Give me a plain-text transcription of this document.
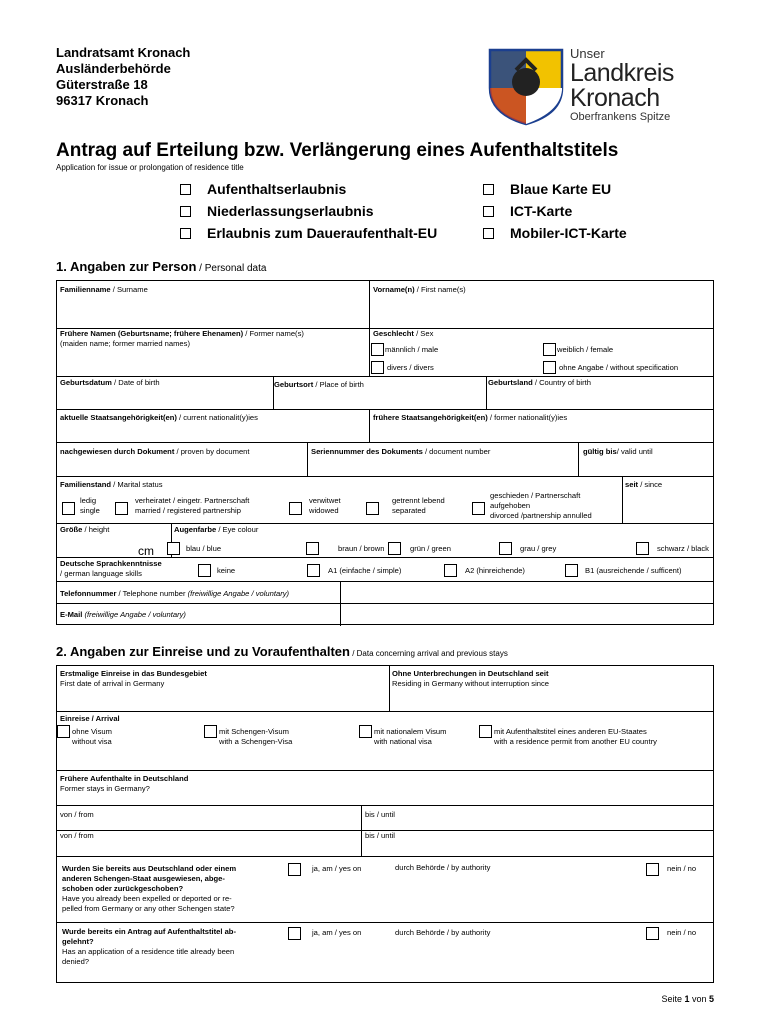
Landratsamt Kronach
Ausländerbehörde
Güterstraße 18
96317 Kronach
Unser
Landkreis
Kronach
Oberfrankens Spitze
Antrag auf Erteilung bzw. Verlängerung eines Aufenthaltstitels
Application for issue or prolongation of residence title
Aufenthaltserlaubnis
Niederlassungserlaubnis
Erlaubnis zum Daueraufenthalt-EU
Blaue Karte EU
ICT-Karte
Mobiler-ICT-Karte
1. Angaben zur Person / Personal data
Familienname / Surname	Vorname(n) / First name(s)
Frühere Namen (Geburtsname; frühere Ehenamen) / Former name(s)
(maiden name; former married names)
Geschlecht / Sex
männlich / male	weiblich / female
divers / divers	ohne Angabe / without specification
Geburtsdatum / Date of birth	Geburtsort / Place of birth	Geburtsland / Country of birth
aktuelle Staatsangehörigkeit(en) / current nationalit(y)ies	frühere Staatsangehörigkeit(en) / former nationalit(y)ies
nachgewiesen durch Dokument / proven by document	Seriennummer des Dokuments / document number	gültig bis/ valid until
Familienstand / Marital status	seit / since
ledig
single
verheiratet / eingetr. Partnerschaft
married / registered partnership
verwitwet
widowed
getrennt lebend
separated
geschieden / Partnerschaft
aufgehoben
divorced /partnership annulled
Größe / height
cm
Augenfarbe / Eye colour
blau / blue	braun / brown	grün / green	grau / grey	schwarz / black
Deutsche Sprachkenntnisse
/ german language skills	keine	A1 (einfache / simple)	A2 (hinreichende)	B1 (ausreichende / sufficent)
Telefonnummer / Telephone number (freiwillige Angabe / voluntary)
E-Mail (freiwillige Angabe / voluntary)
2. Angaben zur Einreise und zu Voraufenthalten / Data concerning arrival and previous stays
Erstmalige Einreise in das Bundesgebiet
First date of arrival in Germany
Ohne Unterbrechungen in Deutschland seit
Residing in Germany without interruption since
Einreise / Arrival
ohne Visum
without visa
mit Schengen-Visum
with a Schengen-Visa
mit nationalem Visum
with national visa
mit Aufenthaltstitel eines anderen EU-Staates
with a residence permit from another EU country
Frühere Aufenthalte in Deutschland
Former stays in Germany?
von / from	bis / until
von / from	bis / until
Wurden Sie bereits aus Deutschland oder einem
anderen Schengen-Staat ausgewiesen, abge-
schoben oder zurückgeschoben?
Have you already been expelled or deported or re-
pelled from Germany or any other Schengen state?
ja, am / yes on	durch Behörde / by authority	nein / no
Wurde bereits ein Antrag auf Aufenthaltstitel ab-
gelehnt?
Has an application of a residence title already been
denied?
ja, am / yes on	durch Behörde / by authority	nein / no
Seite 1 von 5
